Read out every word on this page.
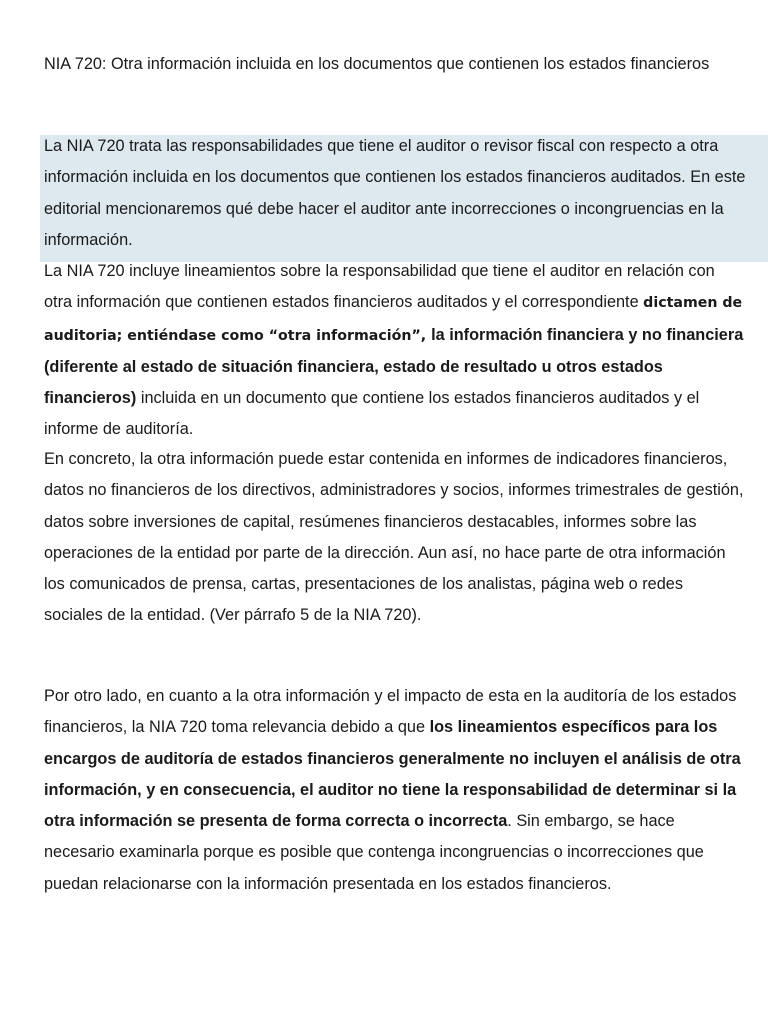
NIA 720: Otra información incluida en los documentos que contienen los estados financieros

La NIA 720 trata las responsabilidades que tiene el auditor o revisor fiscal con respecto a otra información incluida en los documentos que contienen los estados financieros auditados. En este editorial mencionaremos qué debe hacer el auditor ante incorrecciones o incongruencias en la información.

La NIA 720 incluye lineamientos sobre la responsabilidad que tiene el auditor en relación con otra información que contienen estados financieros auditados y el correspondiente dictamen de auditoria; entiéndase como “otra información”, la información financiera y no financiera (diferente al estado de situación financiera, estado de resultado u otros estados financieros) incluida en un documento que contiene los estados financieros auditados y el informe de auditoría.

En concreto, la otra información puede estar contenida en informes de indicadores financieros, datos no financieros de los directivos, administradores y socios, informes trimestrales de gestión, datos sobre inversiones de capital, resúmenes financieros destacables, informes sobre las operaciones de la entidad por parte de la dirección. Aun así, no hace parte de otra información los comunicados de prensa, cartas, presentaciones de los analistas, página web o redes sociales de la entidad. (Ver párrafo 5 de la NIA 720).

Por otro lado, en cuanto a la otra información y el impacto de esta en la auditoría de los estados financieros, la NIA 720 toma relevancia debido a que los lineamientos específicos para los encargos de auditoría de estados financieros generalmente no incluyen el análisis de otra información, y en consecuencia, el auditor no tiene la responsabilidad de determinar si la otra información se presenta de forma correcta o incorrecta. Sin embargo, se hace necesario examinarla porque es posible que contenga incongruencias o incorrecciones que puedan relacionarse con la información presentada en los estados financieros.
